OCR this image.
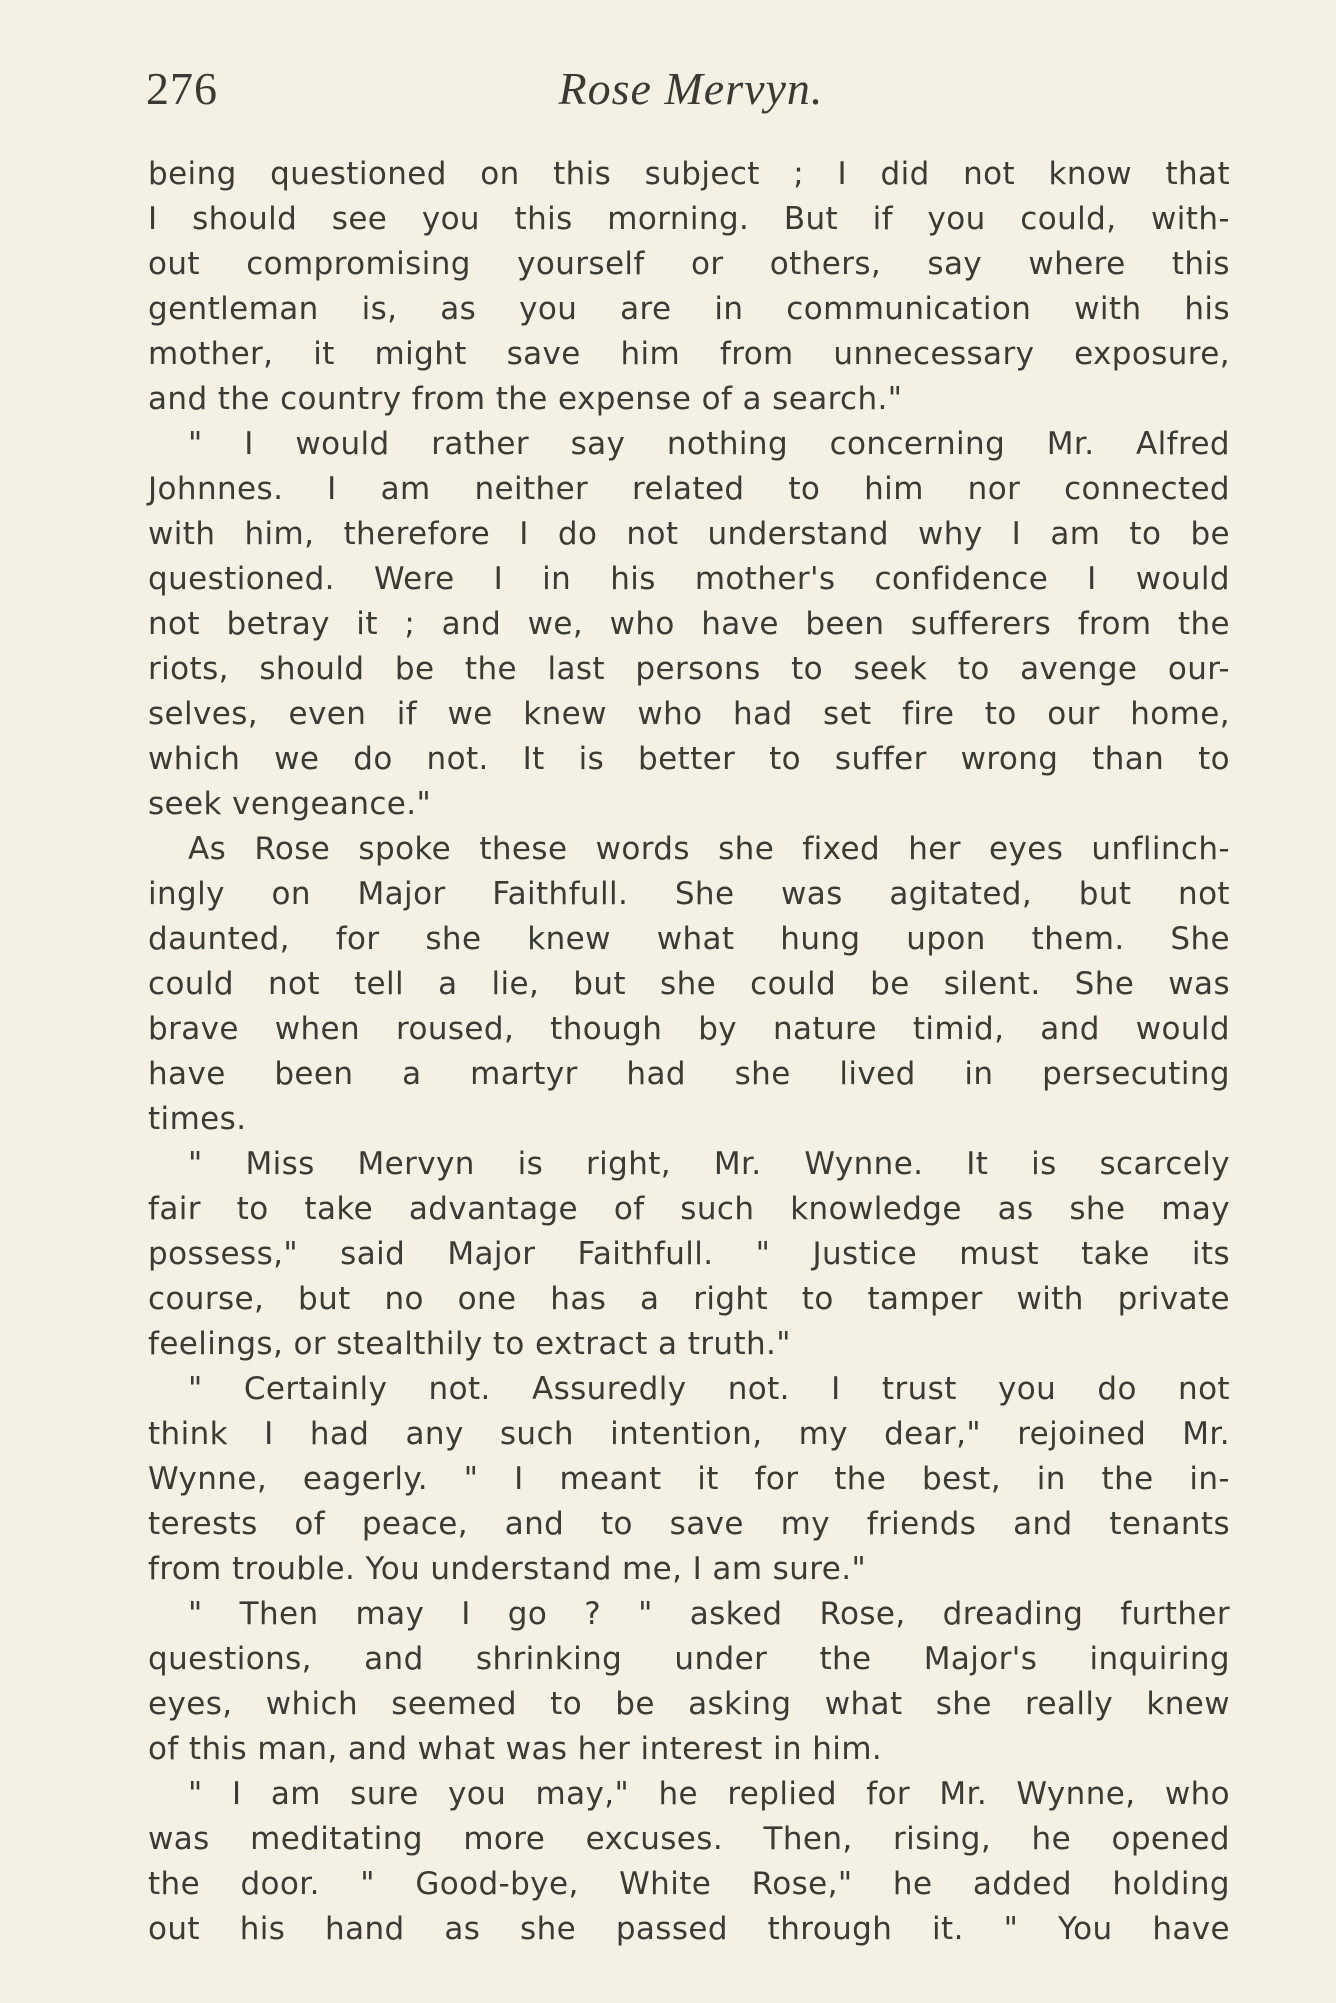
276	Rose Mervyn.
being questioned on this subject ; I did not know that
I should see you this morning. But if you could, with-
out compromising yourself or others, say where this
gentleman is, as you are in communication with his
mother, it might save him from unnecessary exposure,
and the country from the expense of a search."
" I would rather say nothing concerning Mr. Alfred
Johnnes. I am neither related to him nor connected
with him, therefore I do not understand why I am to be
questioned. Were I in his mother's confidence I would
not betray it ; and we, who have been sufferers from the
riots, should be the last persons to seek to avenge our-
selves, even if we knew who had set fire to our home,
which we do not. It is better to suffer wrong than to
seek vengeance."
As Rose spoke these words she fixed her eyes unflinch-
ingly on Major Faithfull. She was agitated, but not
daunted, for she knew what hung upon them. She
could not tell a lie, but she could be silent. She was
brave when roused, though by nature timid, and would
have been a martyr had she lived in persecuting
times.
" Miss Mervyn is right, Mr. Wynne. It is scarcely
fair to take advantage of such knowledge as she may
possess," said Major Faithfull. " Justice must take its
course, but no one has a right to tamper with private
feelings, or stealthily to extract a truth."
" Certainly not. Assuredly not. I trust you do not
think I had any such intention, my dear," rejoined Mr.
Wynne, eagerly. " I meant it for the best, in the in-
terests of peace, and to save my friends and tenants
from trouble. You understand me, I am sure."
" Then may I go ? " asked Rose, dreading further
questions, and shrinking under the Major's inquiring
eyes, which seemed to be asking what she really knew
of this man, and what was her interest in him.
" I am sure you may," he replied for Mr. Wynne, who
was meditating more excuses. Then, rising, he opened
the door. " Good-bye, White Rose," he added holding
out his hand as she passed through it. " You have
